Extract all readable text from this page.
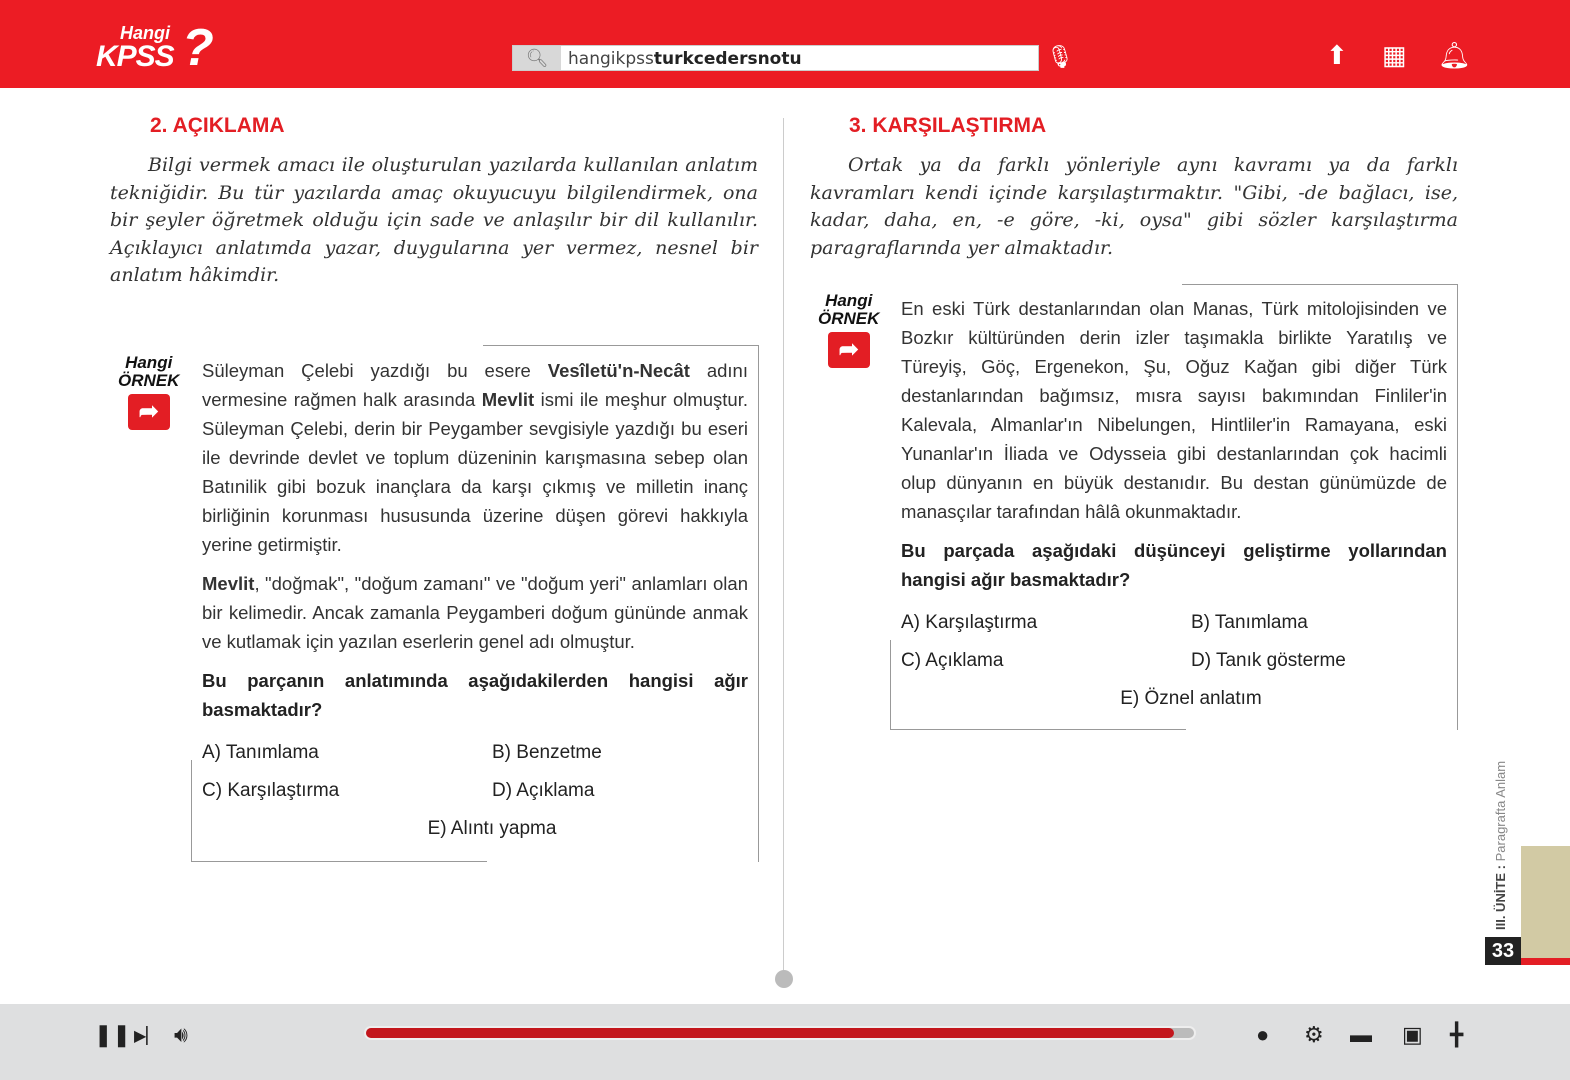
Hangi
KPSS ?	🔍︎	hangikpssturkcedersnotu	🎙︎	⬆ ▦ 🔔︎
2. AÇIKLAMA

Bilgi vermek amacı ile oluşturulan yazılarda kullanılan anlatım tekniğidir. Bu tür yazılarda amaç okuyucuyu bilgilendirmek, ona bir şeyler öğretmek olduğu için sade ve anlaşılır bir dil kullanılır. Açıklayıcı anlatımda yazar, duygularına yer vermez, nesnel bir anlatım hâkimdir.

Hangi
ÖRNEK
➦

Süleyman Çelebi yazdığı bu esere Vesîletü'n-Necât adını vermesine rağmen halk arasında Mevlit ismi ile meşhur olmuştur. Süleyman Çelebi, derin bir Peygamber sevgisiyle yazdığı bu eseri ile devrinde devlet ve toplum düzeninin karışmasına sebep olan Batınilik gibi bozuk inançlara da karşı çıkmış ve milletin inanç birliğinin korunması hususunda üzerine düşen görevi hakkıyla yerine getirmiştir.

Mevlit, "doğmak", "doğum zamanı" ve "doğum yeri" anlamları olan bir kelimedir. Ancak zamanla Peygamberi doğum gününde anmak ve kutlamak için yazılan eserlerin genel adı olmuştur.

Bu parçanın anlatımında aşağıdakilerden hangisi ağır basmaktadır?

A) Tanımlama	B) Benzetme
C) Karşılaştırma	D) Açıklama
E) Alıntı yapma
3. KARŞILAŞTIRMA

Ortak ya da farklı yönleriyle aynı kavramı ya da farklı kavramları kendi içinde karşılaştırmaktır. "Gibi, -de bağlacı, ise, kadar, daha, en, -e göre, -ki, oysa" gibi sözler karşılaştırma paragraflarında yer almaktadır.

Hangi
ÖRNEK
➦

En eski Türk destanlarından olan Manas, Türk mitolojisinden ve Bozkır kültüründen derin izler taşımakla birlikte Yaratılış ve Türeyiş, Göç, Ergenekon, Şu, Oğuz Kağan gibi diğer Türk destanlarından bağımsız, mısra sayısı bakımından Finliler'in Kalevala, Almanlar'ın Nibelungen, Hintliler'in Ramayana, eski Yunanlar'ın İliada ve Odysseia gibi destanlarından çok hacimli olup dünyanın en büyük destanıdır. Bu destan günümüzde de manasçılar tarafından hâlâ okunmaktadır.

Bu parçada aşağıdaki düşünceyi geliştirme yollarından hangisi ağır basmaktadır?

A) Karşılaştırma	B) Tanımlama
C) Açıklama	D) Tanık gösterme
E) Öznel anlatım
III. ÜNİTE : Paragrafta Anlam
33
❚❚ ▶▏ 🔊︎	● ⚙ ▬ ▣ ╋
